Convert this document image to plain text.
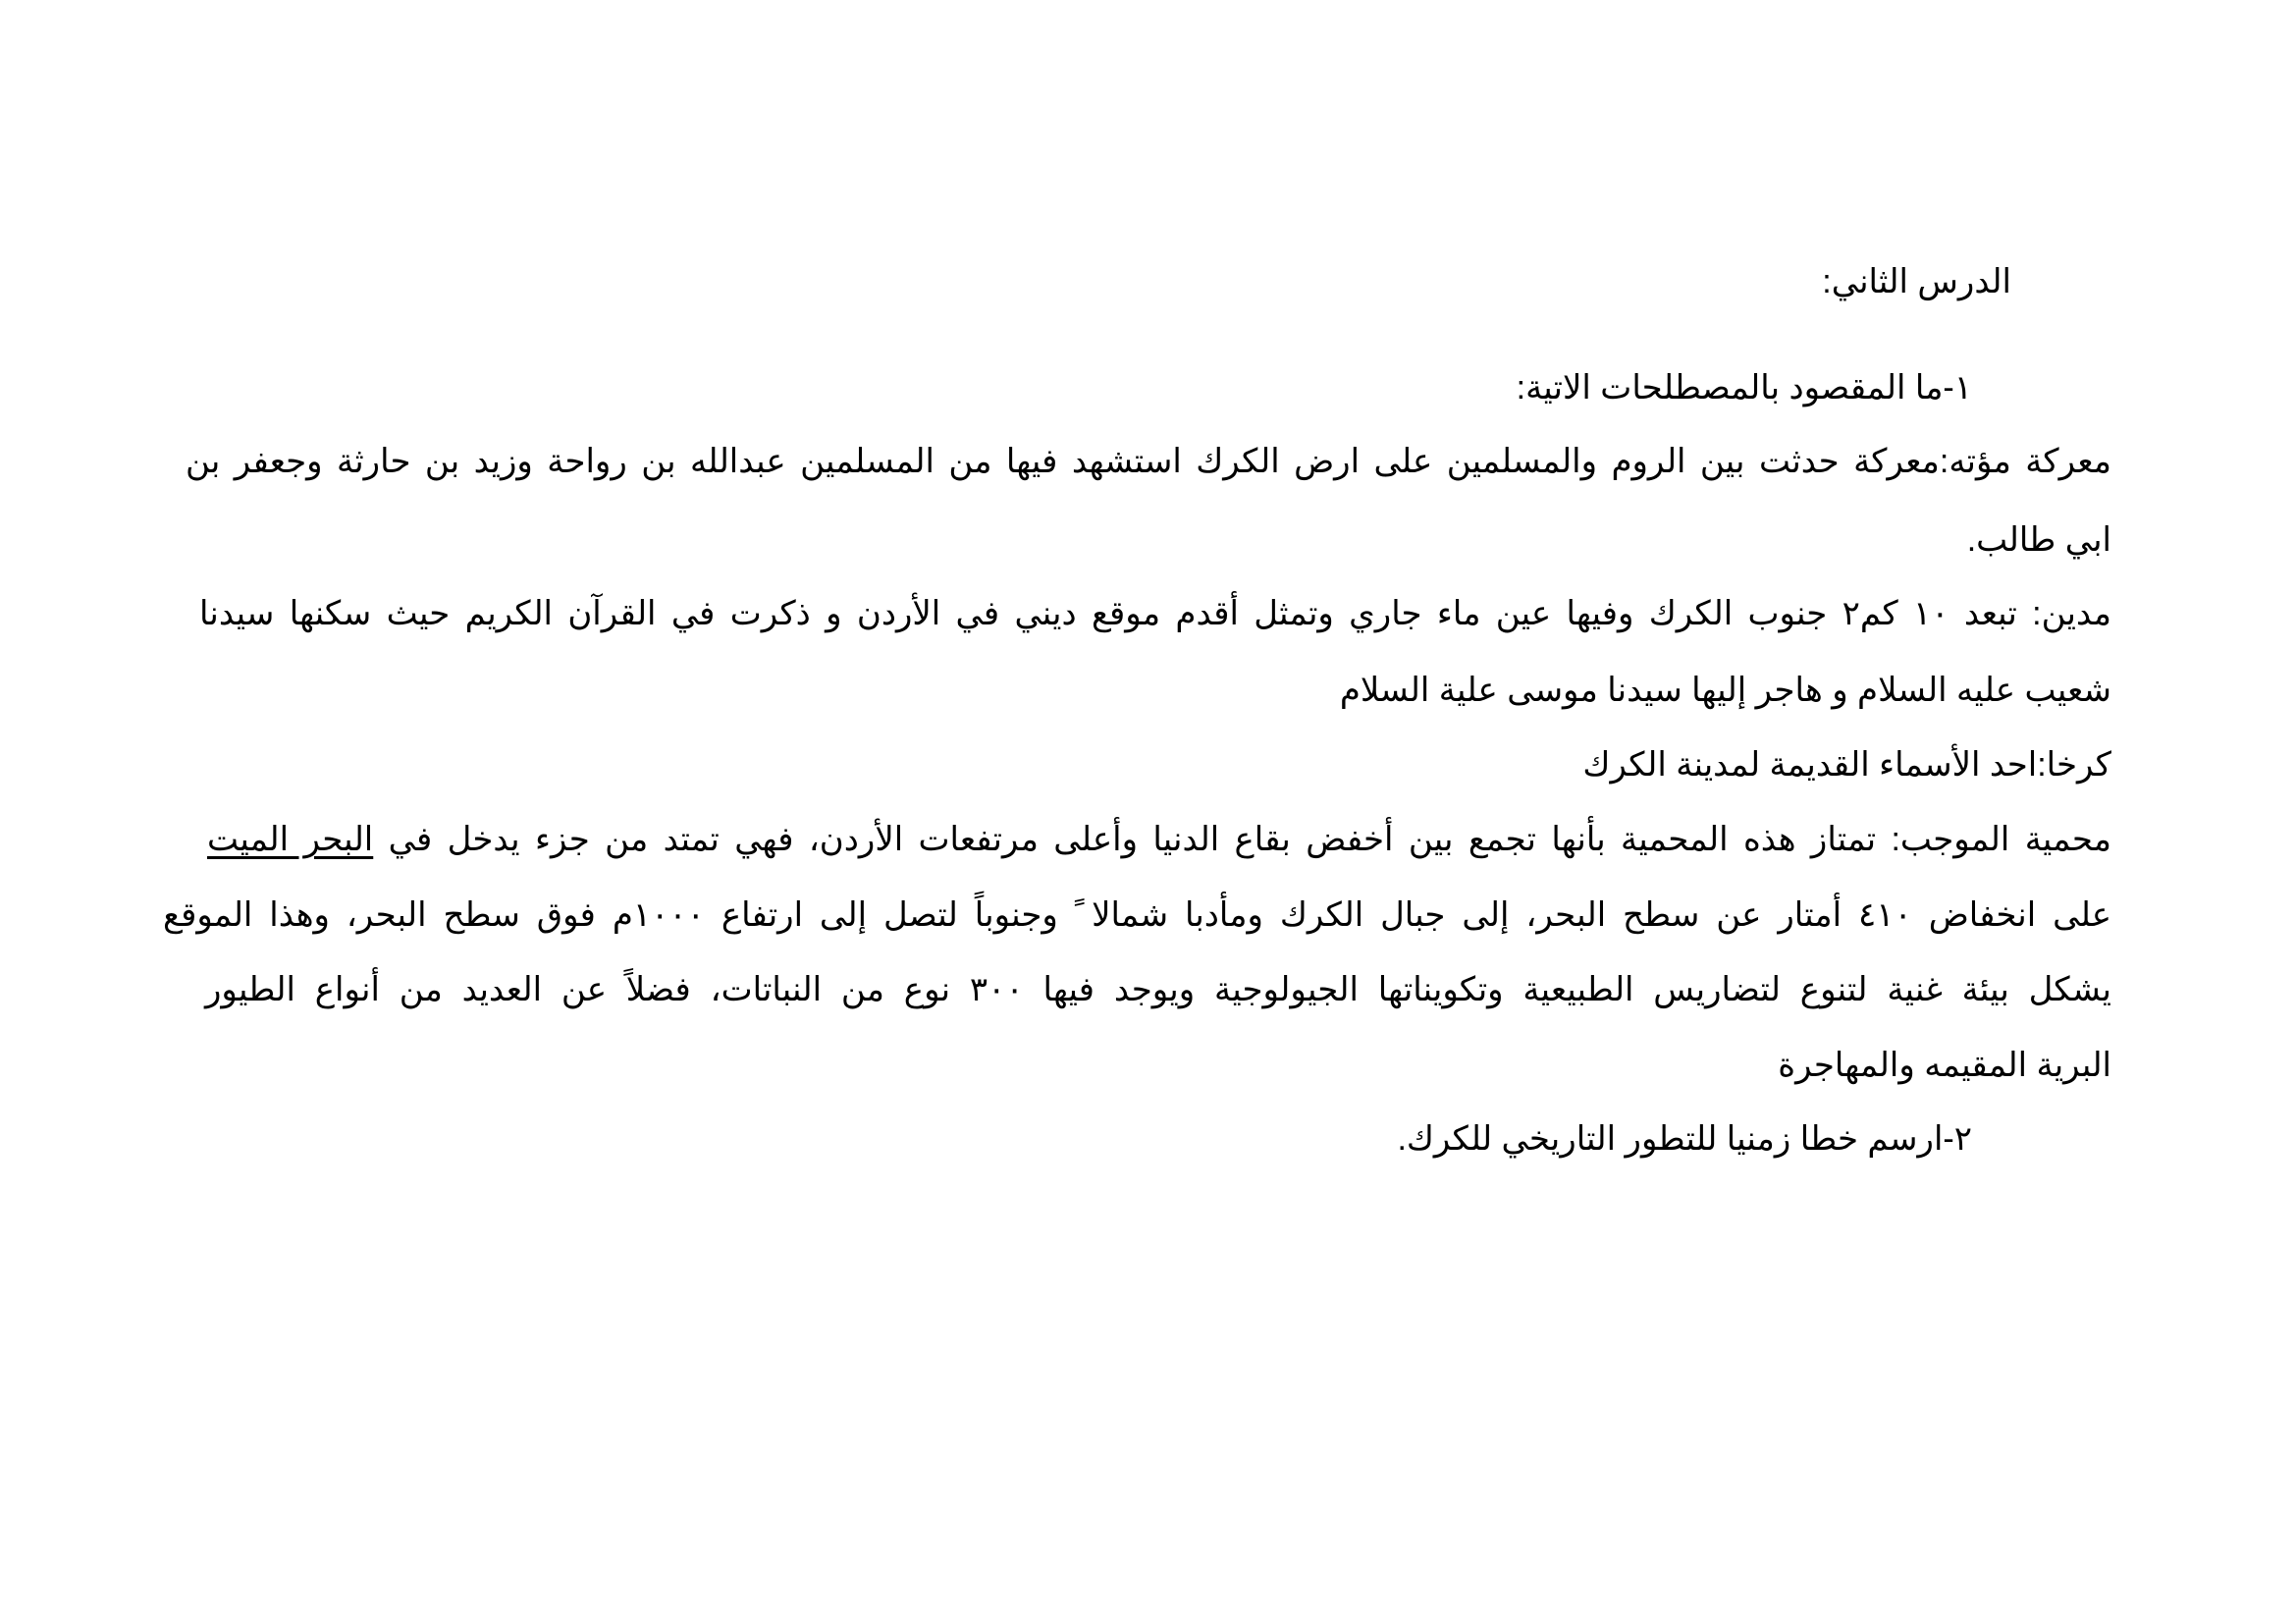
الدرس الثاني:
١-ما المقصود بالمصطلحات الاتية:
معركة مؤته:معركة حدثت بين الروم والمسلمين على ارض الكرك استشهد فيها من المسلمين عبدالله بن رواحة وزيد بن حارثة وجعفر بن
ابي طالب.
مدين: تبعد ١٠ كم٢ جنوب الكرك وفيها عين ماء جاري وتمثل أقدم موقع ديني في الأردن و ذكرت في القرآن الكريم حيث سكنها سيدنا
شعيب عليه السلام و هاجر إليها سيدنا موسى علية السلام
كرخا:احد الأسماء القديمة لمدينة الكرك
محمية الموجب: تمتاز هذه المحمية بأنها تجمع بين أخفض بقاع الدنيا وأعلى مرتفعات الأردن، فهي تمتد من جزء يدخل في البحر الميت
على انخفاض ٤١٠ أمتار عن سطح البحر، إلى جبال الكرك ومأدبا شمالا ً وجنوباً لتصل إلى ارتفاع ١٠٠٠م فوق سطح البحر، وهذا الموقع
يشكل بيئة غنية لتنوع لتضاريس الطبيعية وتكويناتها الجيولوجية ويوجد فيها ٣٠٠ نوع من النباتات، فضلاً عن العديد من أنواع الطيور
البرية المقيمه والمهاجرة
٢-ارسم خطا زمنيا للتطور التاريخي للكرك.
